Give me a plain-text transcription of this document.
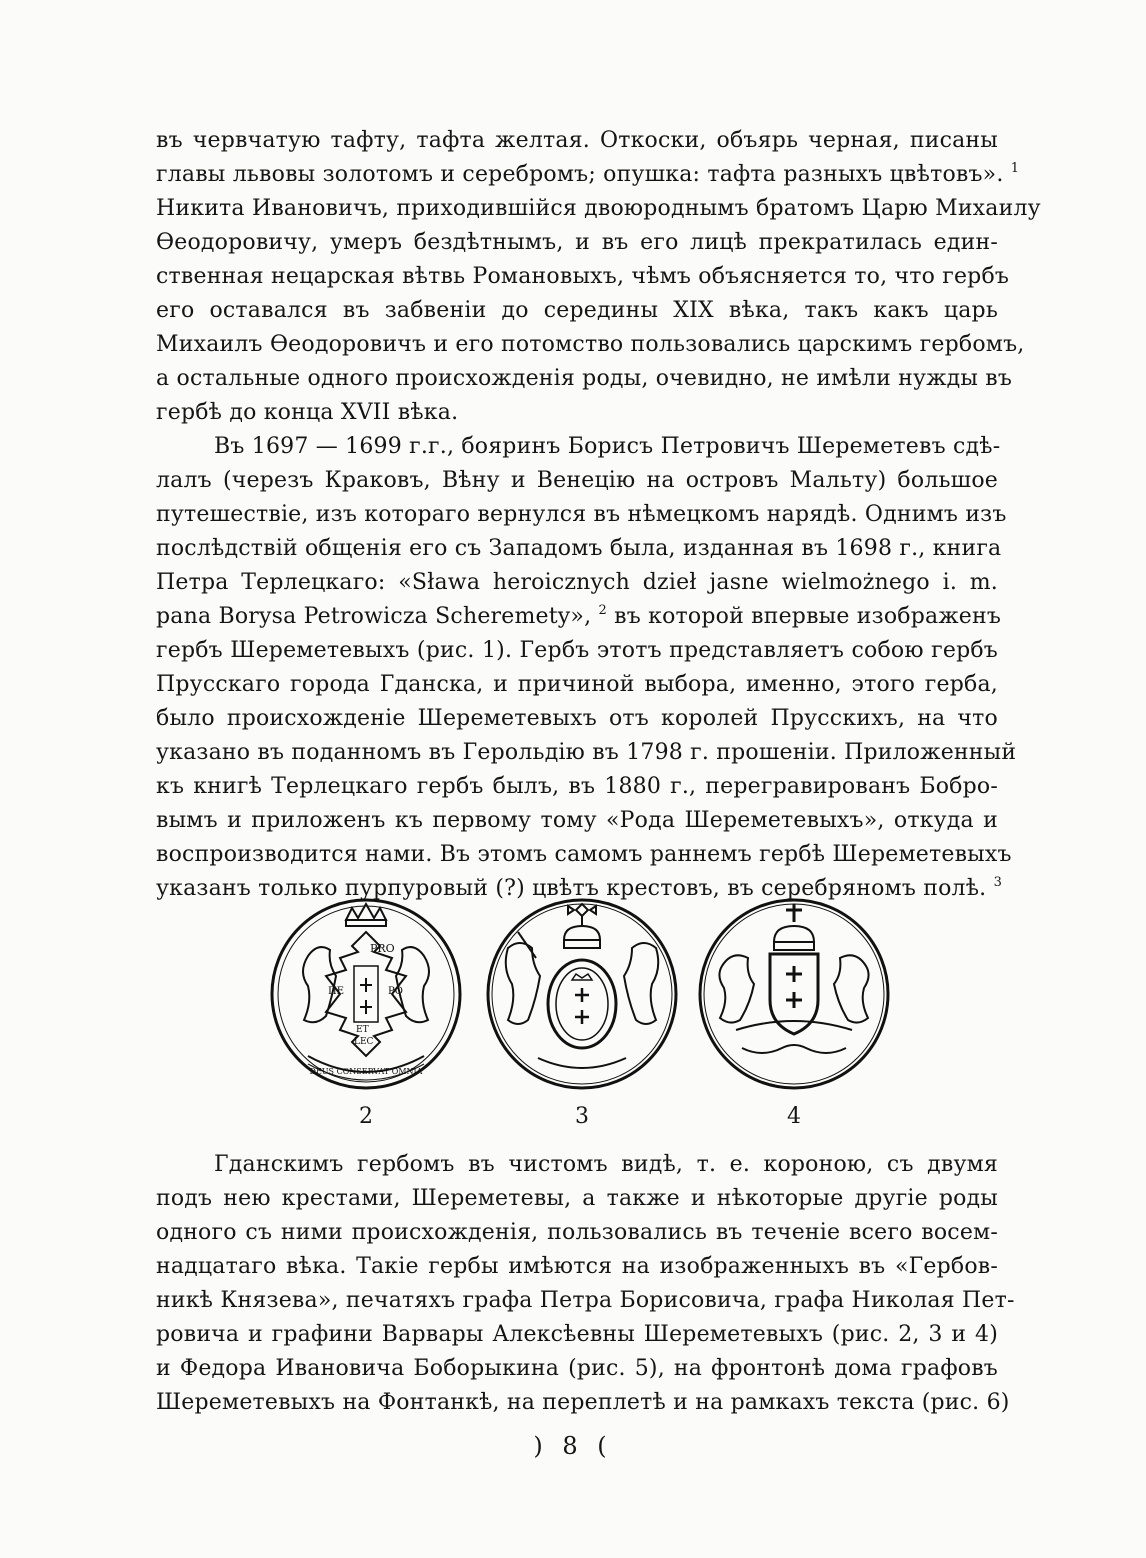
въ червчатую тафту, тафта желтая. Откоски, объярь черная, писаны
главы львовы золотомъ и серебромъ; опушка: тафта разныхъ цвѣтовъ». $^1$
Никита Ивановичъ, приходившiйся двоюроднымъ братомъ Царю Михаилу
Өеодоровичу, умеръ бездѣтнымъ, и въ его лицѣ прекратилась един-
ственная нецарская вѣтвь Романовыхъ, чѣмъ объясняется то, что гербъ
его оставался въ забвенiи до середины XIX вѣка, такъ какъ царь
Михаилъ Өеодоровичъ и его потомство пользовались царскимъ гербомъ,
а остальные одного происхожденiя роды, очевидно, не имѣли нужды въ
гербѣ до конца XVII вѣка.
Въ 1697 — 1699 г.г., бояринъ Борисъ Петровичъ Шереметевъ сдѣ-
лалъ (черезъ Краковъ, Вѣну и Венецiю на островъ Мальту) большое
путешествiе, изъ котораго вернулся въ нѣмецкомъ нарядѣ. Однимъ изъ
послѣдствiй общенiя его съ Западомъ была, изданная въ 1698 г., книга
Петра Терлецкаго: «Sława heroicznych dzieł jasne wielmożnego i. m.
pana Borysa Petrowicza Scheremety», $^2$ въ которой впервые изображенъ
гербъ Шереметевыхъ (рис. 1). Гербъ этотъ представляетъ собою гербъ
Прусскаго города Гданска, и причиной выбора, именно, этого герба,
было происхожденiе Шереметевыхъ отъ королей Прусскихъ, на что
указано въ поданномъ въ Герольдiю въ 1798 г. прошенiи. Приложенный
къ книгѣ Терлецкаго гербъ былъ, въ 1880 г., перегравированъ Бобро-
вымъ и приложенъ къ первому тому «Рода Шереметевыхъ», откуда и
воспроизводится нами. Въ этомъ самомъ раннемъ гербѣ Шереметевыхъ
указанъ только пурпуровый (?) цвѣтъ крестовъ, въ серебряномъ полѣ. $^3$
PRO
ПЕ	PO
ET
LEC
DEUS CONSERVAT OMNIA
2	3	4
Гданскимъ гербомъ въ чистомъ видѣ, т. е. короною, съ двумя
подъ нею крестами, Шереметевы, а также и нѣкоторые другiе роды
одного съ ними происхожденiя, пользовались въ теченiе всего восем-
надцатаго вѣка. Такiе гербы имѣются на изображенныхъ въ «Гербов-
никѣ Князева», печатяхъ графа Петра Борисовича, графа Николая Пет-
ровича и графини Варвары Алексѣевны Шереметевыхъ (рис. 2, 3 и 4)
и Федора Ивановича Боборыкина (рис. 5), на фронтонѣ дома графовъ
Шереметевыхъ на Фонтанкѣ, на переплетѣ и на рамкахъ текста (рис. 6)
) 8 (
